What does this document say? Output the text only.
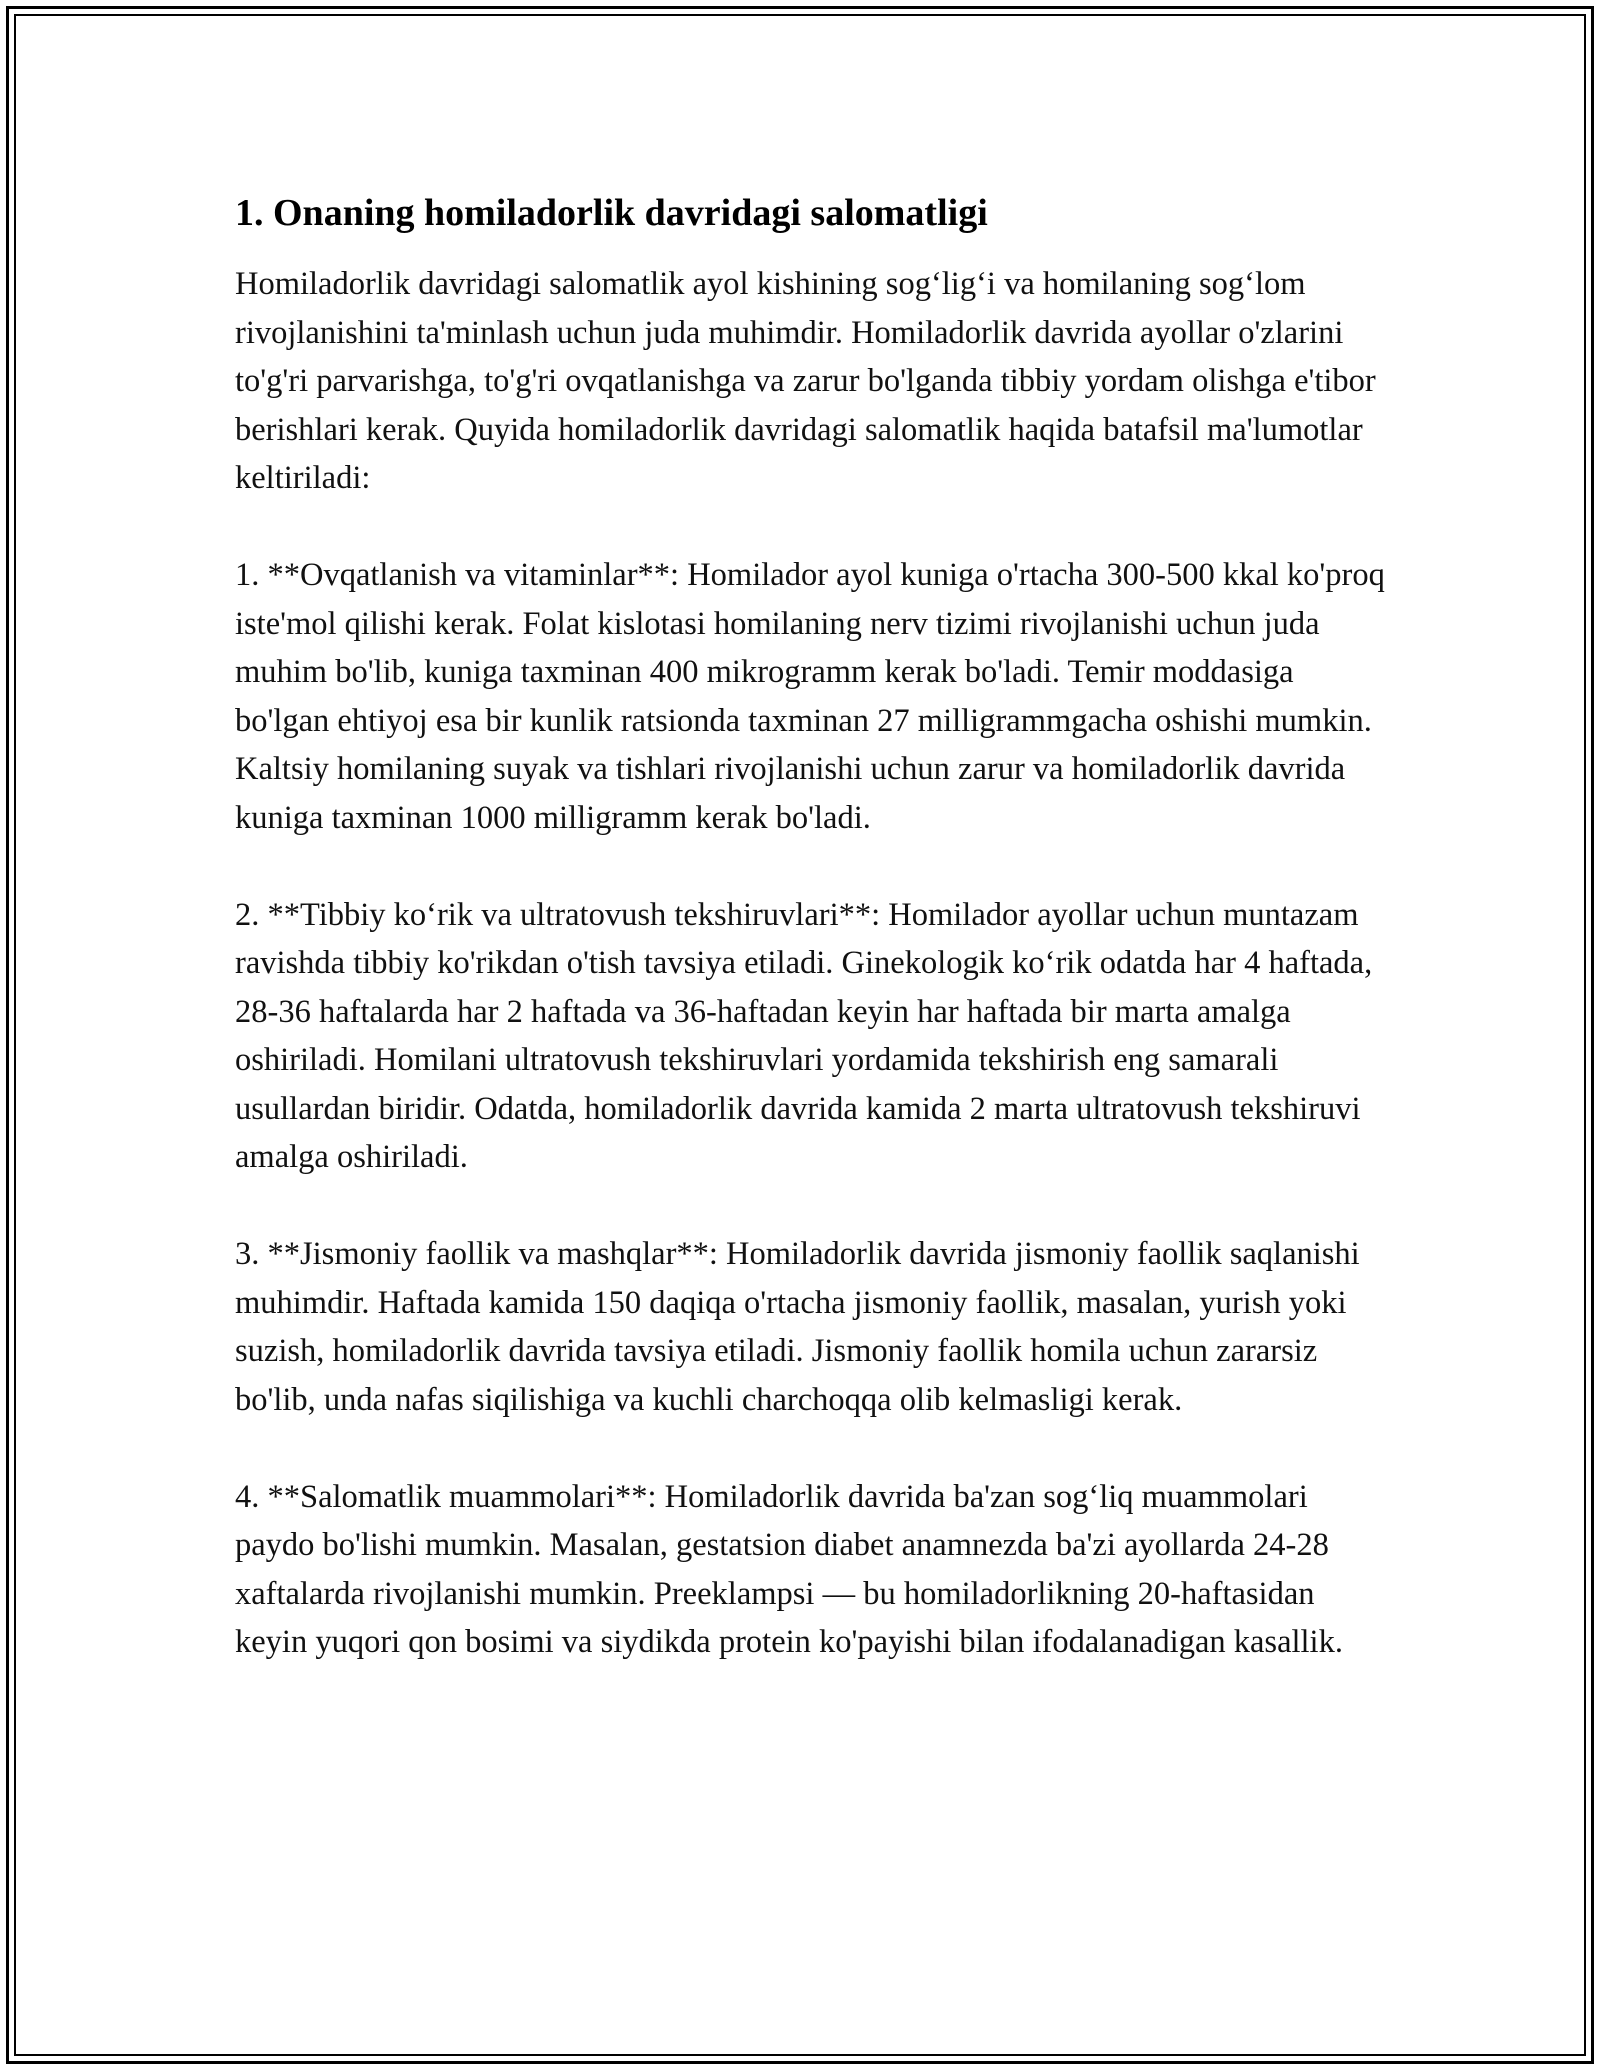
1. Onaning homiladorlik davridagi salomatligi

Homiladorlik davridagi salomatlik ayol kishining sog‘lig‘i va homilaning sog‘lom rivojlanishini ta'minlash uchun juda muhimdir. Homiladorlik davrida ayollar o'zlarini to'g'ri parvarishga, to'g'ri ovqatlanishga va zarur bo'lganda tibbiy yordam olishga e'tibor berishlari kerak. Quyida homiladorlik davridagi salomatlik haqida batafsil ma'lumotlar keltiriladi:

1. **Ovqatlanish va vitaminlar**: Homilador ayol kuniga o'rtacha 300-500 kkal ko'proq iste'mol qilishi kerak. Folat kislotasi homilaning nerv tizimi rivojlanishi uchun juda muhim bo'lib, kuniga taxminan 400 mikrogramm kerak bo'ladi. Temir moddasiga bo'lgan ehtiyoj esa bir kunlik ratsionda taxminan 27 milligrammgacha oshishi mumkin. Kaltsiy homilaning suyak va tishlari rivojlanishi uchun zarur va homiladorlik davrida kuniga taxminan 1000 milligramm kerak bo'ladi.

2. **Tibbiy ko‘rik va ultratovush tekshiruvlari**: Homilador ayollar uchun muntazam ravishda tibbiy ko'rikdan o'tish tavsiya etiladi. Ginekologik ko‘rik odatda har 4 haftada, 28-36 haftalarda har 2 haftada va 36-haftadan keyin har haftada bir marta amalga oshiriladi. Homilani ultratovush tekshiruvlari yordamida tekshirish eng samarali usullardan biridir. Odatda, homiladorlik davrida kamida 2 marta ultratovush tekshiruvi amalga oshiriladi.

3. **Jismoniy faollik va mashqlar**: Homiladorlik davrida jismoniy faollik saqlanishi muhimdir. Haftada kamida 150 daqiqa o'rtacha jismoniy faollik, masalan, yurish yoki suzish, homiladorlik davrida tavsiya etiladi. Jismoniy faollik homila uchun zararsiz bo'lib, unda nafas siqilishiga va kuchli charchoqqa olib kelmasligi kerak.

4. **Salomatlik muammolari**: Homiladorlik davrida ba'zan sog‘liq muammolari paydo bo'lishi mumkin. Masalan, gestatsion diabet anamnezda ba'zi ayollarda 24-28 xaftalarda rivojlanishi mumkin. Preeklampsi — bu homiladorlikning 20-haftasidan keyin yuqori qon bosimi va siydikda protein ko'payishi bilan ifodalanadigan kasallik.
